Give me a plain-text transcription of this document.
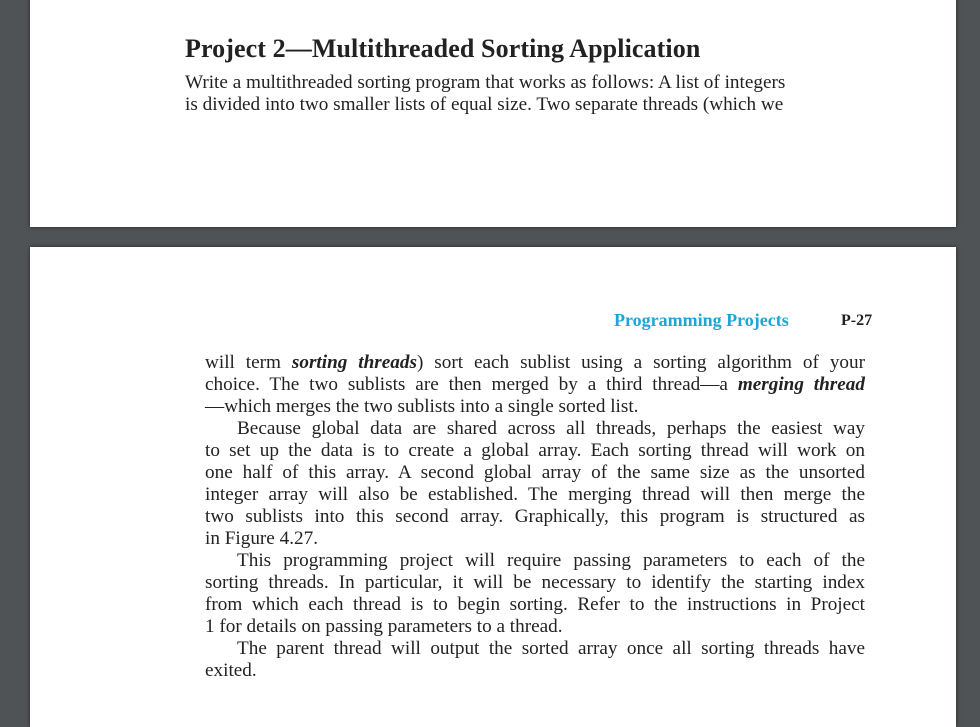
Project 2—Multithreaded Sorting Application
Write a multithreaded sorting program that works as follows: A list of integers
is divided into two smaller lists of equal size. Two separate threads (which we
Programming Projects	P-27
will term sorting threads) sort each sublist using a sorting algorithm of your
choice. The two sublists are then merged by a third thread—a merging thread
—which merges the two sublists into a single sorted list.
Because global data are shared across all threads, perhaps the easiest way
to set up the data is to create a global array. Each sorting thread will work on
one half of this array. A second global array of the same size as the unsorted
integer array will also be established. The merging thread will then merge the
two sublists into this second array. Graphically, this program is structured as
in Figure 4.27.
This programming project will require passing parameters to each of the
sorting threads. In particular, it will be necessary to identify the starting index
from which each thread is to begin sorting. Refer to the instructions in Project
1 for details on passing parameters to a thread.
The parent thread will output the sorted array once all sorting threads have
exited.
